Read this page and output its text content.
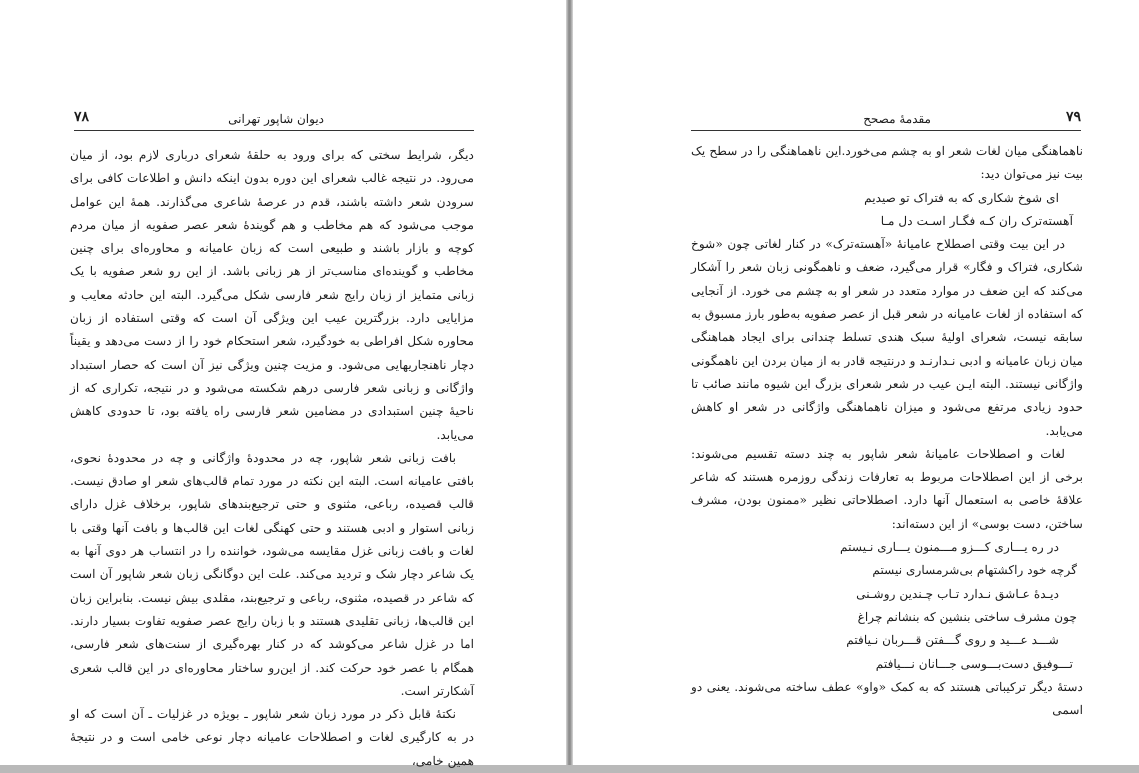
دیوان شاپور تهرانی
۷۸

دیگر، شرایط سختی که برای ورود به حلقهٔ شعرای درباری لازم بود، از میان می‌رود. در نتیجه غالب شعرای این دوره بدون اینکه دانش و اطلاعات کافی برای سرودن شعر داشته باشند، قدم در عرصهٔ شاعری می‌گذارند. همهٔ این عوامل موجب می‌شود که هم مخاطب و هم گویندهٔ شعر عصر صفویه از میان مردم کوچه و بازار باشند و طبیعی است که زبان عامیانه و محاوره‌ای برای چنین مخاطب و گوینده‌ای مناسب‌تر از هر زبانی باشد. از این رو شعر صفویه با یک زبانی متمایز از زبان رایج شعر فارسی شکل می‌گیرد. البته این حادثه معایب و مزایایی دارد. بزرگترین عیب این ویژگی آن است که وقتی استفاده از زبان محاوره شکل افراطی به خودگیرد، شعر استحکام خود را از دست می‌دهد و یقیناً دچار ناهنجاریهایی می‌شود. و مزیت چنین ویژگی نیز آن است که حصار استبداد واژگانی و زبانی شعر فارسی درهم شکسته می‌شود و در نتیجه، تکراری که از ناحیهٔ چنین استبدادی در مضامین شعر فارسی راه یافته بود، تا حدودی کاهش می‌یابد.

بافت زبانی شعر شاپور، چه در محدودهٔ واژگانی و چه در محدودهٔ نحوی، بافتی عامیانه است. البته این نکته در مورد تمام قالب‌های شعر او صادق نیست. قالب قصیده، رباعی، مثنوی و حتی ترجیع‌بندهای شاپور، برخلاف غزل دارای زبانی استوار و ادبی هستند و حتی کهنگی لغات این قالب‌ها و بافت آنها وقتی با لغات و بافت زبانی غزل مقایسه می‌شود، خواننده را در انتساب هر دوی آنها به یک شاعر دچار شک و تردید می‌کند. علت این دوگانگی زبان شعر شاپور آن است که شاعر در قصیده، مثنوی، رباعی و ترجیع‌بند، مقلدی بیش نیست. بنابراین زبان این قالب‌ها، زبانی تقلیدی هستند و با زبان رایج عصر صفویه تفاوت بسیار دارند. اما در غزل شاعر می‌کوشد که در کنار بهره‌گیری از سنت‌های شعر فارسی، همگام با عصر خود حرکت کند. از این‌رو ساختار محاوره‌ای در این قالب شعری آشکارتر است.

نکتهٔ قابل ذکر در مورد زبان شعر شاپور ـ بویژه در غزلیات ـ آن است که او در به کارگیری لغات و اصطلاحات عامیانه دچار نوعی خامی است و در نتیجهٔ همین خامی،

مقدمهٔ مصحح	۷۹

ناهماهنگی میان لغات شعر او به چشم می‌خورد.این ناهماهنگی را در سطح یک بیت نیز می‌توان دید:

ای شوخ شکاری که به فتراک تو صیدیم

آهسته‌ترک ران کـه فگـار اسـت دل مـا

در این بیت وقتی اصطلاح عامیانهٔ «آهسته‌ترک» در کنار لغاتی چون «شوخ شکاری، فتراک و فگار» قرار می‌گیرد، ضعف و ناهمگونی زبان شعر را آشکار می‌کند که این ضعف در موارد متعدد در شعر او به چشم می خورد. از آنجایی که استفاده از لغات عامیانه در شعر قبل از عصر صفویه به‌طور بارز مسبوق به سابقه نیست، شعرای اولیهٔ سبک هندی تسلط چندانی برای ایجاد هماهنگی میان زبان عامیانه و ادبی نـدارنـد و درنتیجه قادر به از میان بردن این ناهمگونی واژگانی نیستند. البته ایـن عیب در شعر شعرای بزرگ این شیوه مانند صائب تا حدود زیادی مرتفع می‌شود و میزان ناهماهنگی واژگانی در شعر او کاهش می‌یابد.

لغات و اصطلاحات عامیانهٔ شعر شاپور به چند دسته تقسیم می‌شوند: برخی از این اصطلاحات مربوط به تعارفات زندگی روزمره هستند که شاعر علاقهٔ خاصی به استعمال آنها دارد. اصطلاحاتی نظیر «ممنون بودن، مشرف ساختن، دست بوسی» از این دسته‌اند:

در ره یـــاری کـــزو مـــمنون یـــاری نـیستم

گرچه خود راکشتهام بی‌شرمساری نیستم

دیـدهٔ عـاشق نـدارد تـاب چـندین روشـنی

چون مشرف ساختی بنشین که بنشانم چراغ

شـــد عـــید و روی گـــفتن قـــربان نـیافتم

تـــوفیق دست‌بـــوسی جـــانان نـــیافتم

دستهٔ دیگر ترکیباتی هستند که به کمک «واو» عطف ساخته می‌شوند. یعنی دو اسمی
